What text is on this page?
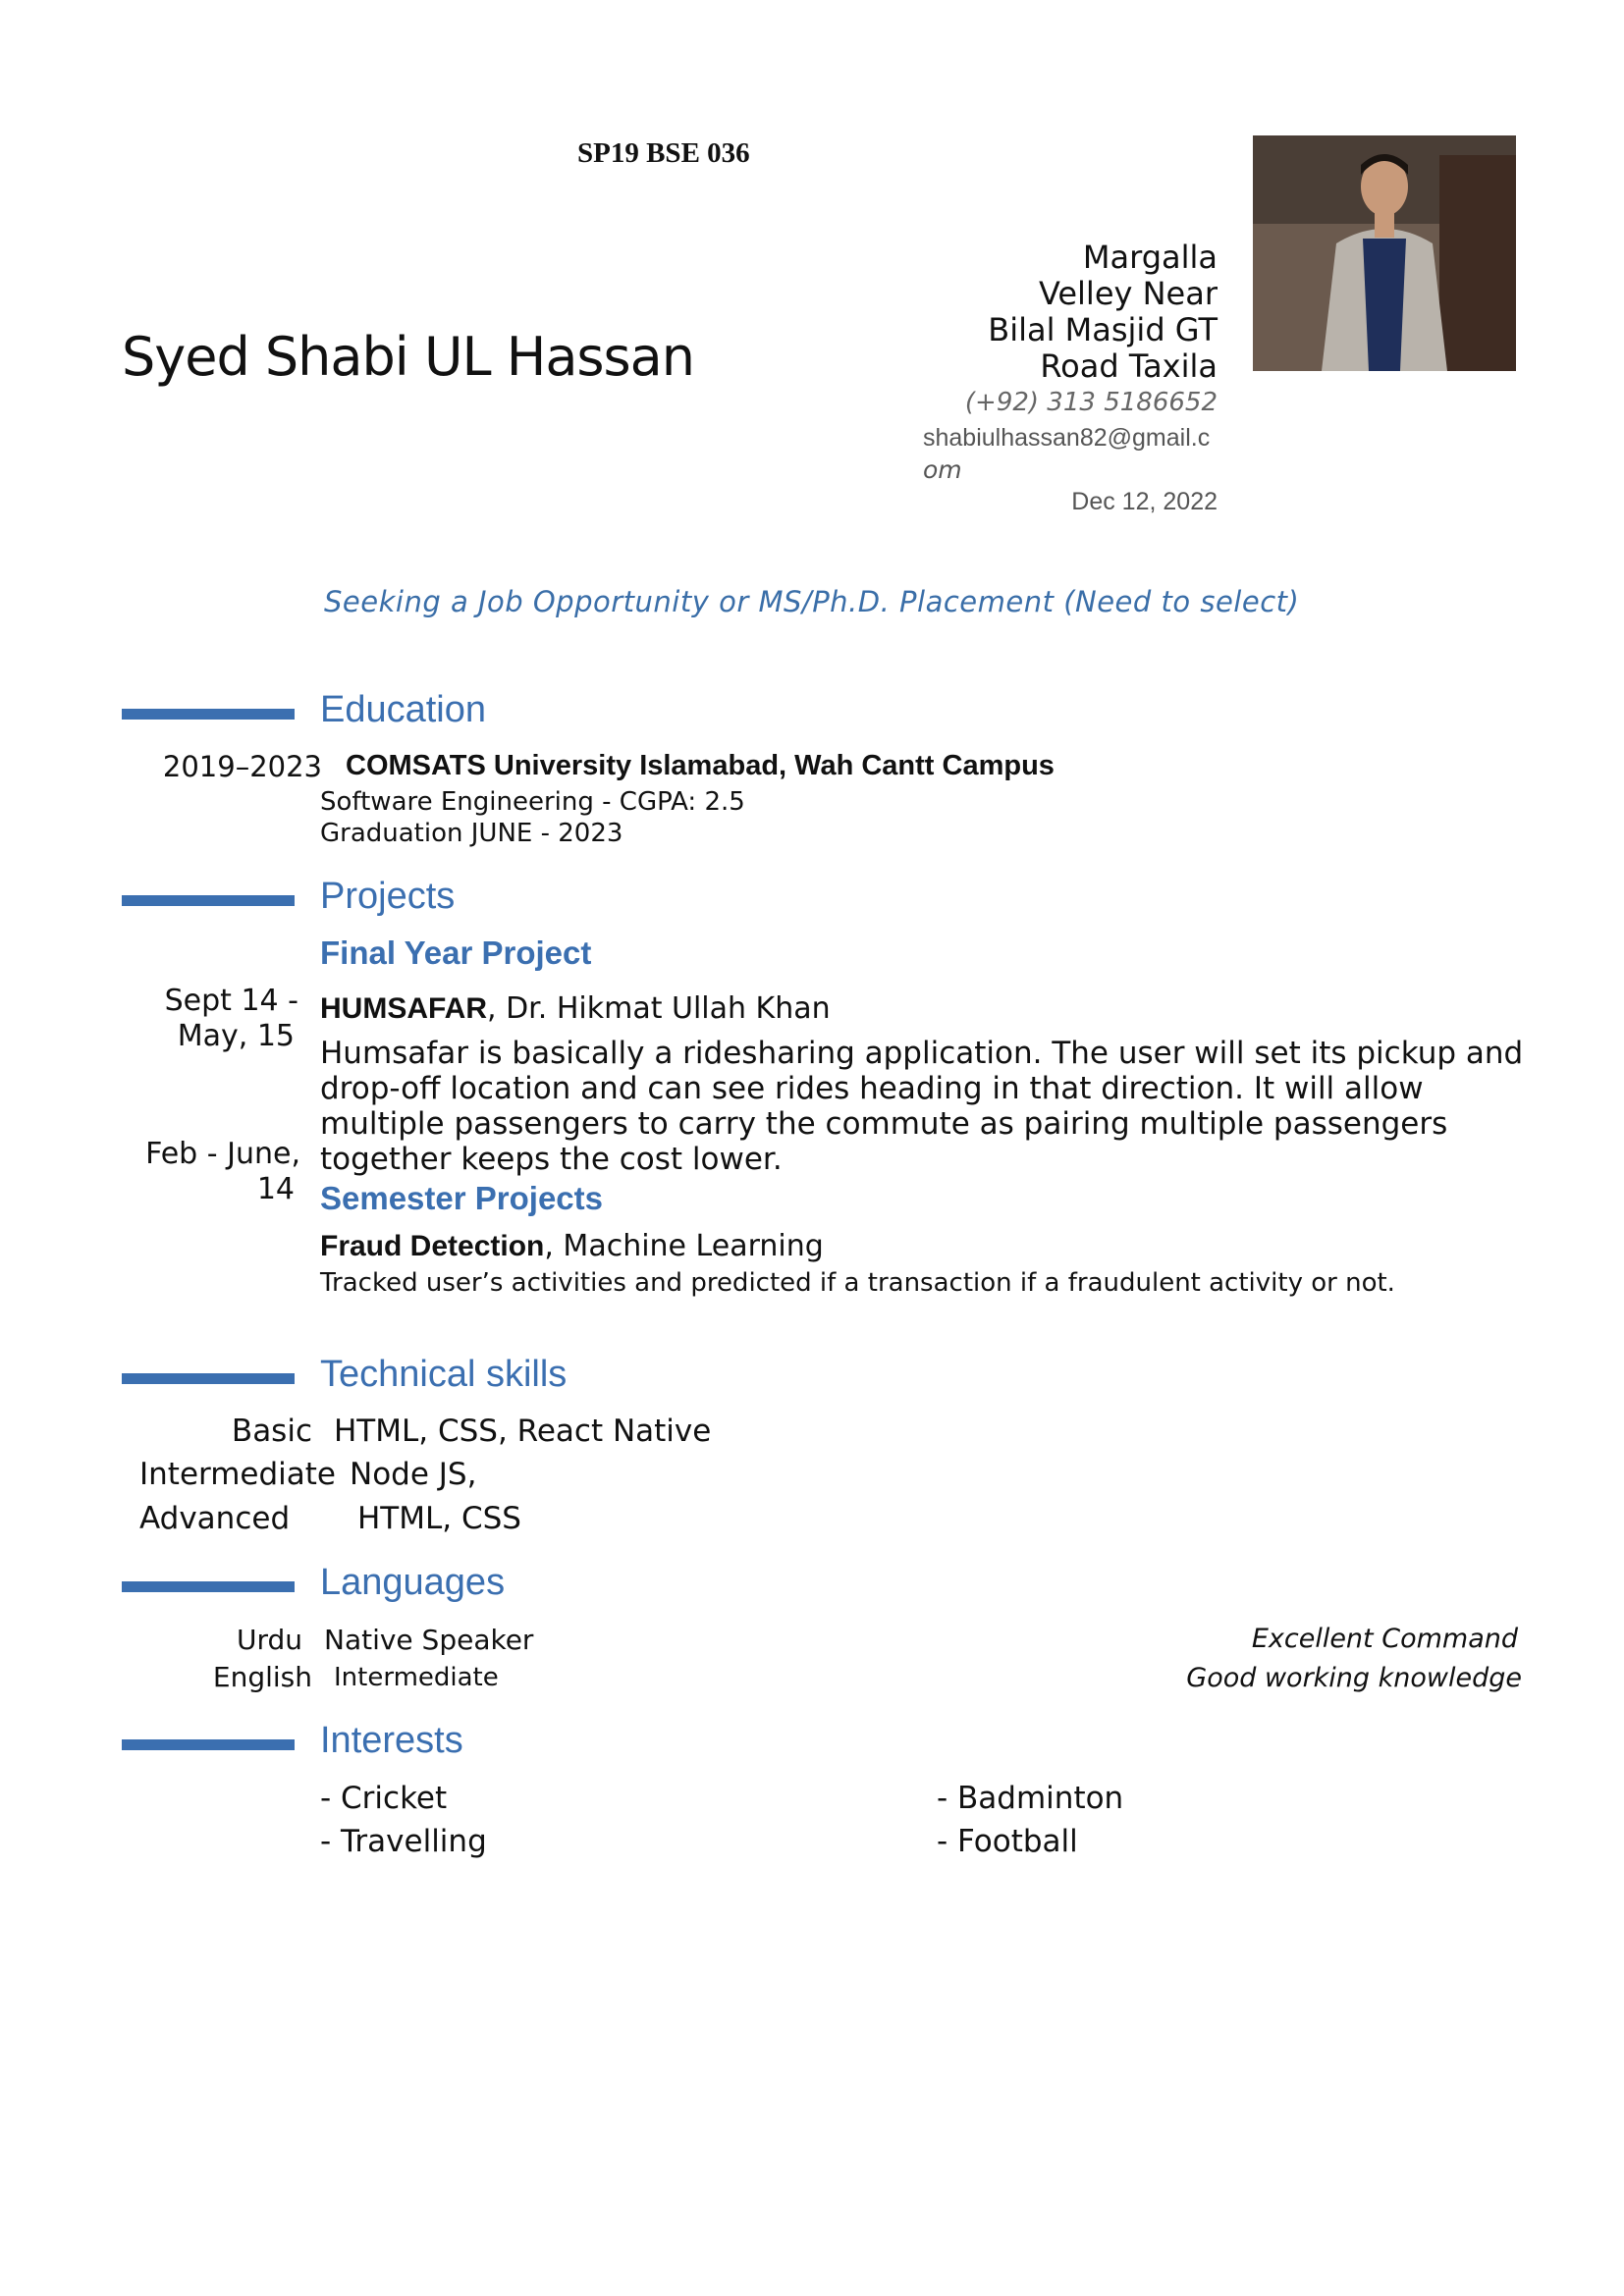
SP19 BSE 036
Syed Shabi UL Hassan
Margalla
Velley Near
Bilal Masjid GT
Road Taxila
(+92) 313 5186652
shabiulhassan82@gmail.c
om
Dec 12, 2022
Seeking a Job Opportunity or MS/Ph.D. Placement (Need to select)
Education
2019–2023 COMSATS University Islamabad, Wah Cantt Campus
Software Engineering - CGPA: 2.5
Graduation JUNE - 2023
Projects
Final Year Project
Sept 14 -
May, 15
HUMSAFAR, Dr. Hikmat Ullah Khan
Humsafar is basically a ridesharing application. The user will set its pickup and
drop-off location and can see rides heading in that direction. It will allow
multiple passengers to carry the commute as pairing multiple passengers
together keeps the cost lower.
Feb - June,
14 Semester Projects
Fraud Detection, Machine Learning
Tracked user’s activities and predicted if a transaction if a fraudulent activity or not.
Technical skills
Basic HTML, CSS, React Native
Intermediate Node JS,
Advanced HTML, CSS
Languages
Urdu Native Speaker	Excellent Command
English Intermediate	Good working knowledge
Interests
- Cricket
- Travelling
- Badminton
- Football
